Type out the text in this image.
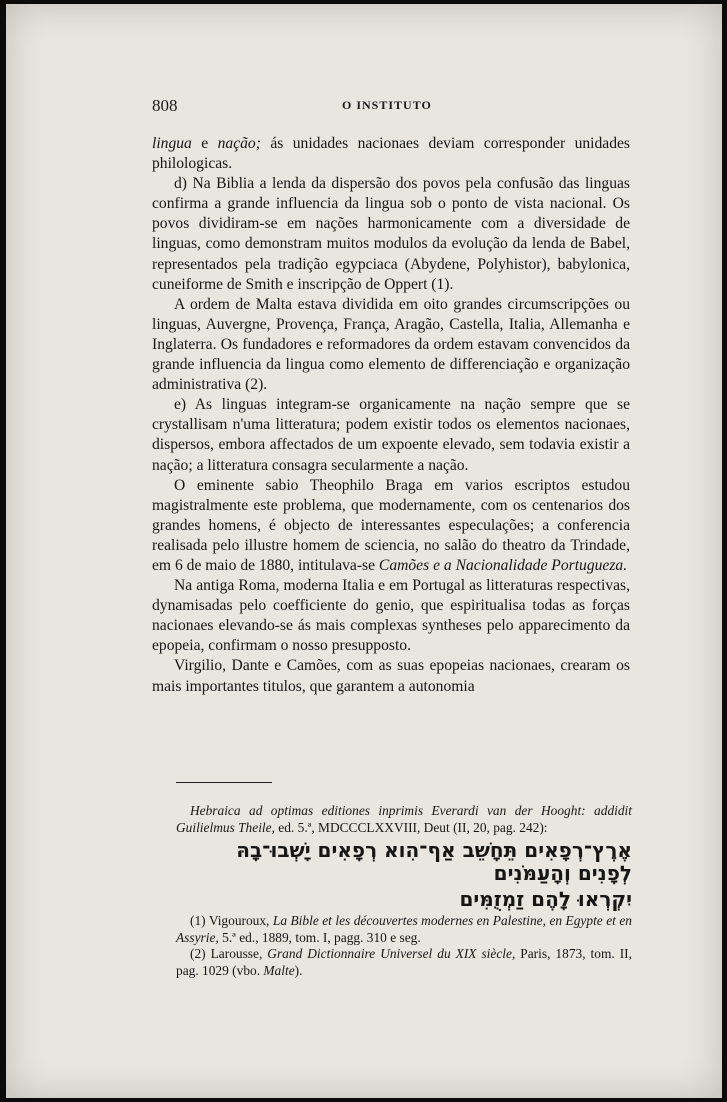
808	O INSTITUTO

lingua e nação; ás unidades nacionaes deviam corresponder unidades philologicas.

d) Na Biblia a lenda da dispersão dos povos pela confusão das linguas confirma a grande influencia da lingua sob o ponto de vista nacional. Os povos dividiram-se em nações harmonicamente com a diversidade de linguas, como demonstram muitos modulos da evolução da lenda de Babel, representados pela tradição egypciaca (Abydene, Polyhistor), babylonica, cuneiforme de Smith e inscripção de Oppert (1).

A ordem de Malta estava dividida em oito grandes circumscripções ou linguas, Auvergne, Provença, França, Aragão, Castella, Italia, Allemanha e Inglaterra. Os fundadores e reformadores da ordem estavam convencidos da grande influencia da lingua como elemento de differenciação e organização administrativa (2).

e) As linguas integram-se organicamente na nação sempre que se crystallisam n'uma litteratura; podem existir todos os elementos nacionaes, dispersos, embora affectados de um expoente elevado, sem todavia existir a nação; a litteratura consagra secularmente a nação.

O eminente sabio Theophilo Braga em varios escriptos estudou magistralmente este problema, que modernamente, com os centenarios dos grandes homens, é objecto de interessantes especulações; a conferencia realisada pelo illustre homem de sciencia, no salão do theatro da Trindade, em 6 de maio de 1880, intitulava-se Camões e a Nacionalidade Portugueza.

Na antiga Roma, moderna Italia e em Portugal as litteraturas respectivas, dynamisadas pelo coefficiente do genio, que espiritualisa todas as forças nacionaes elevando-se ás mais complexas syntheses pelo apparecimento da epopeia, confirmam o nosso presupposto.

Virgilio, Dante e Camões, com as suas epopeias nacionaes, crearam os mais importantes titulos, que garantem a autonomia

Hebraica ad optimas editiones inprimis Everardi van der Hooght: addidit Guilielmus Theile, ed. 5.ª, MDCCCLXXVIII, Deut (II, 20, pag. 242):

אֶרֶץ־רְפָאִים תֵּחָשֵׁב אַף־הִוא רְפָאִים יָשְׁבוּ־בָהּ לְפָנִים וְהָעַמֹּנִים

יִקְרְאוּ לָהֶם זַמְזֻמִּים

(1) Vigouroux, La Bible et les découvertes modernes en Palestine, en Egypte et en Assyrie, 5.ª ed., 1889, tom. I, pagg. 310 e seg.

(2) Larousse, Grand Dictionnaire Universel du XIX siècle, Paris, 1873, tom. II, pag. 1029 (vbo. Malte).
